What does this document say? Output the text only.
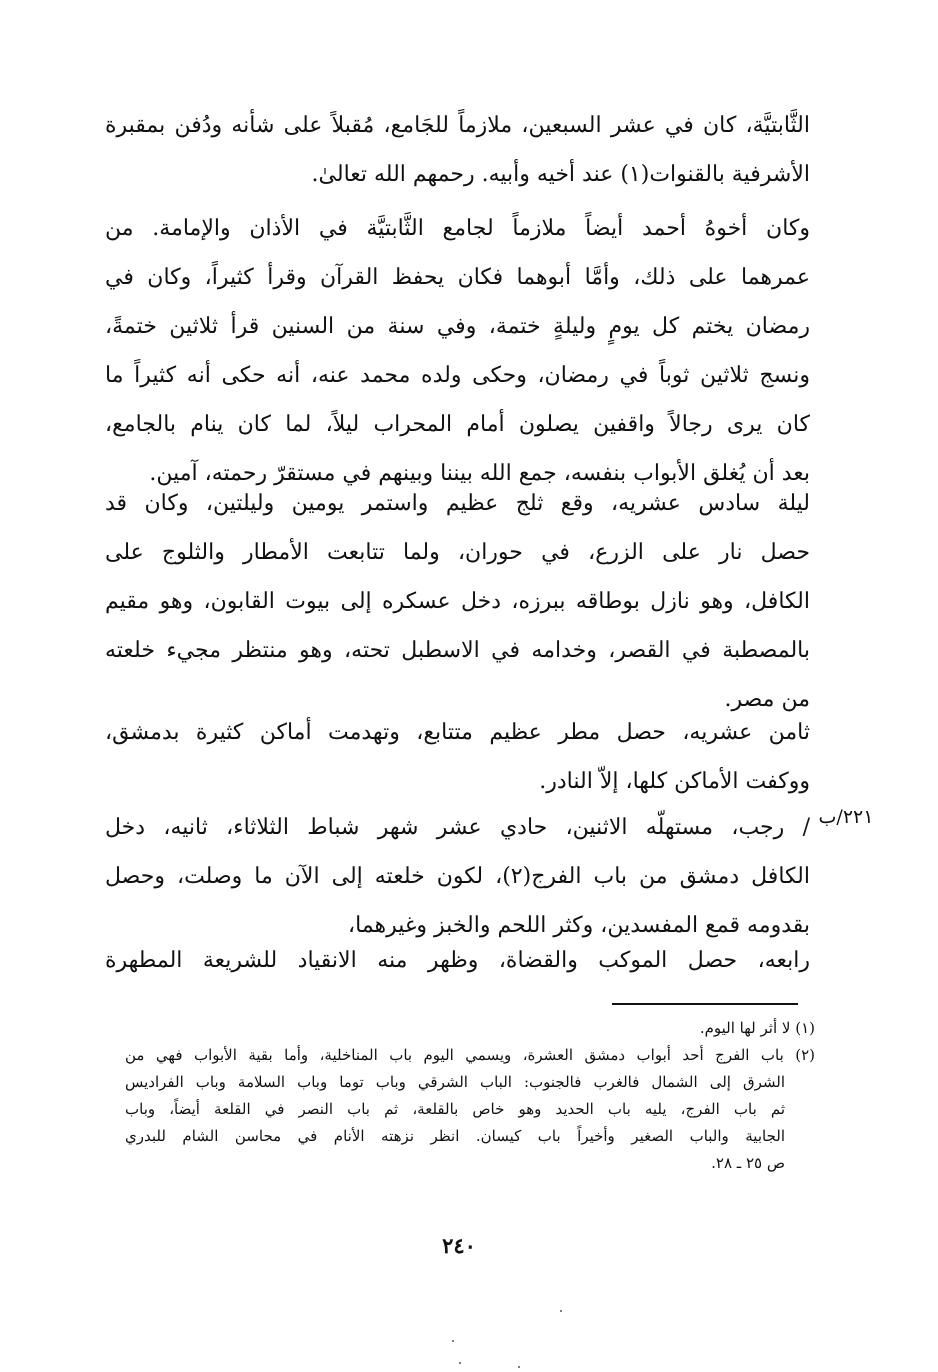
الثَّابتيَّة، كان في عشر السبعين، ملازماً للجَامع، مُقبلاً على شأنه ودُفن بمقبرة
الأشرفية بالقنوات(١) عند أخيه وأبيه. رحمهم الله تعالىٰ.
وكان أخوهُ أحمد أيضاً ملازماً لجامع الثَّابتيَّة في الأذان والإمامة. من
عمرهما على ذلك، وأمَّا أبوهما فكان يحفظ القرآن وقرأ كثيراً، وكان في
رمضان يختم كل يومٍ وليلةٍ ختمة، وفي سنة من السنين قرأ ثلاثين ختمةً،
ونسج ثلاثين ثوباً في رمضان، وحكى ولده محمد عنه، أنه حكى أنه كثيراً ما
كان يرى رجالاً واقفين يصلون أمام المحراب ليلاً، لما كان ينام بالجامع،
بعد أن يُغلق الأبواب بنفسه، جمع الله بيننا وبينهم في مستقرّ رحمته، آمين.
ليلة سادس عشريه، وقع ثلج عظيم واستمر يومين وليلتين، وكان قد
حصل نار على الزرع، في حوران، ولما تتابعت الأمطار والثلوج على
الكافل، وهو نازل بوطاقه ببرزه، دخل عسكره إلى بيوت القابون، وهو مقيم
بالمصطبة في القصر، وخدامه في الاسطبل تحته، وهو منتظر مجيء خلعته
من مصر.
ثامن عشريه، حصل مطر عظيم متتابع، وتهدمت أماكن كثيرة بدمشق،
ووكفت الأماكن كلها، إلاّ النادر.
٢٢١/ب
/ رجب، مستهلّه الاثنين، حادي عشر شهر شباط الثلاثاء، ثانيه، دخل
الكافل دمشق من باب الفرج(٢)، لكون خلعته إلى الآن ما وصلت، وحصل
بقدومه قمع المفسدين، وكثر اللحم والخبز وغيرهما،
رابعه، حصل الموكب والقضاة، وظهر منه الانقياد للشريعة المطهرة
(١) لا أثر لها اليوم.
(٢) باب الفرج أحد أبواب دمشق العشرة، ويسمي اليوم باب المناخلية، وأما بقية الأبواب فهي من
الشرق إلى الشمال فالغرب فالجنوب: الباب الشرقي وباب توما وباب السلامة وباب الفراديس
ثم باب الفرج، يليه باب الحديد وهو خاص بالقلعة، ثم باب النصر في القلعة أيضاً، وباب
الجابية والباب الصغير وأخيراً باب كيسان. انظر نزهته الأنام في محاسن الشام للبدري
ص ٢٥ ـ ٢٨.
٢٤٠
